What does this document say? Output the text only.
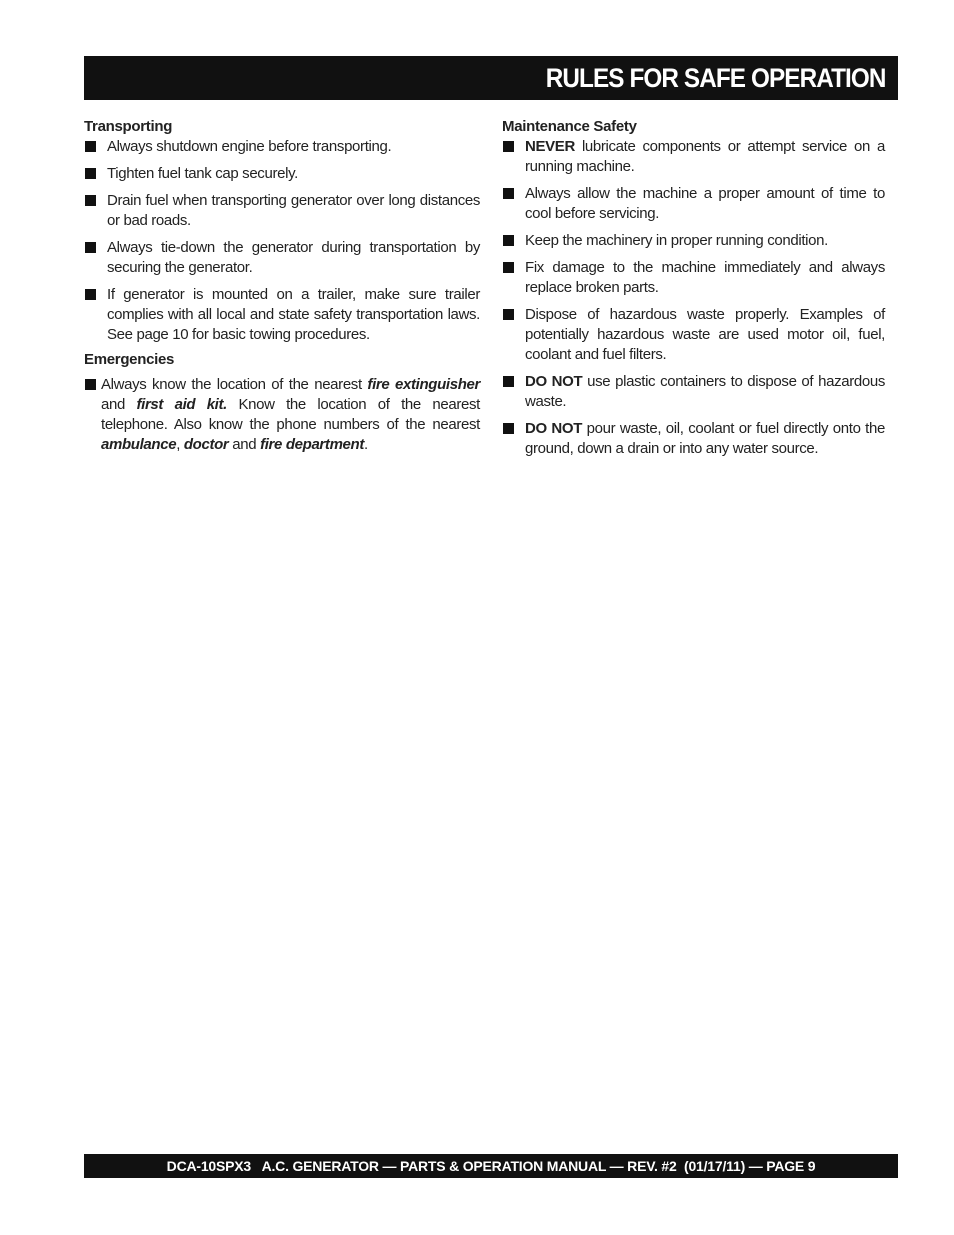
RULES FOR SAFE OPERATION
Transporting
Always shutdown engine before transporting.
Tighten fuel tank cap securely.
Drain fuel when transporting generator over long distances or bad roads.
Always tie-down the generator during transportation by securing the generator.
If generator is mounted on a trailer, make sure trailer complies with all local and state safety transportation laws. See page 10 for basic towing procedures.
Emergencies
Always know the location of the nearest fire extinguisher and first aid kit. Know the location of the nearest telephone. Also know the phone numbers of the nearest ambulance, doctor and fire department.
Maintenance Safety
NEVER lubricate components or attempt service on a running machine.
Always allow the machine a proper amount of time to cool before servicing.
Keep the machinery in proper running condition.
Fix damage to the machine immediately and always replace broken parts.
Dispose of hazardous waste properly. Examples of potentially hazardous waste are used motor oil, fuel, coolant and fuel filters.
DO NOT use plastic containers to dispose of hazardous waste.
DO NOT pour waste, oil, coolant or fuel directly onto the ground, down a drain or into any water source.
DCA-10SPX3   A.C. GENERATOR — PARTS & OPERATION MANUAL — REV. #2  (01/17/11) — PAGE 9
